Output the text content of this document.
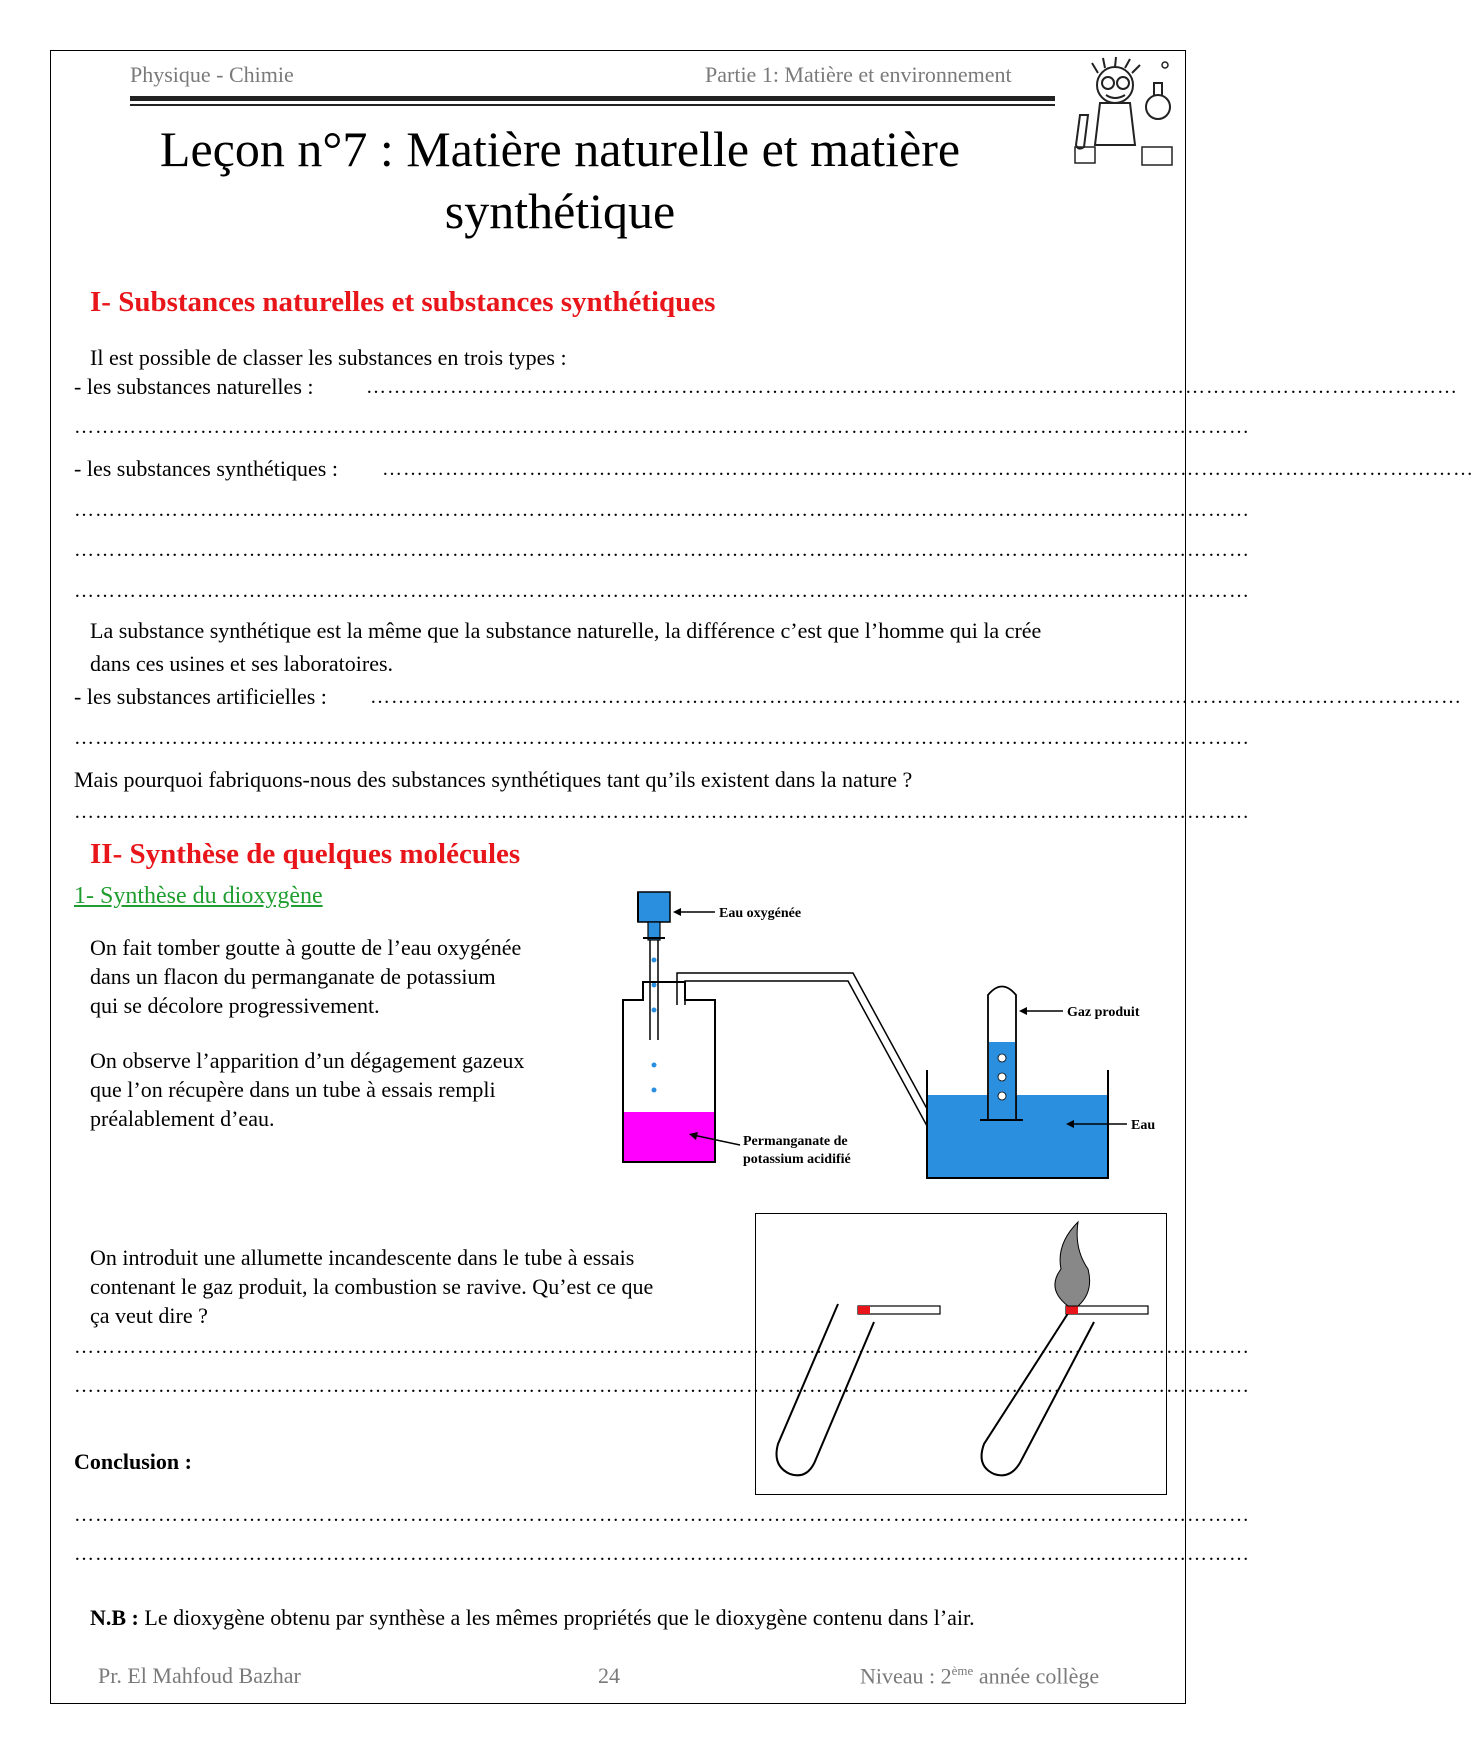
Physique - Chimie	Partie 1: Matière et environnement
Leçon n°7 : Matière naturelle et matière
synthétique
I- Substances naturelles et substances synthétiques
Il est possible de classer les substances en trois types :
- les substances naturelles :	…………………………………………………………………………………………………………………………………………
……………………………………………………………………………………………………………………………………………………
- les substances synthétiques : …………………………………………………………………………………………………………………………………………
……………………………………………………………………………………………………………………………………………………
……………………………………………………………………………………………………………………………………………………
……………………………………………………………………………………………………………………………………………………
La substance synthétique est la même que la substance naturelle, la différence c’est que l’homme qui la crée
dans ces usines et ses laboratoires.
- les substances artificielles : …………………………………………………………………………………………………………………………………………
……………………………………………………………………………………………………………………………………………………
Mais pourquoi fabriquons-nous des substances synthétiques tant qu’ils existent dans la nature ?
……………………………………………………………………………………………………………………………………………………
II- Synthèse de quelques molécules
1- Synthèse du dioxygène
On fait tomber goutte à goutte de l’eau oxygénée
dans un flacon du permanganate de potassium
qui se décolore progressivement.
On observe l’apparition d’un dégagement gazeux
que l’on récupère dans un tube à essais rempli
préalablement d’eau.
Eau oxygénée
Permanganate de
potassium acidifié
Gaz produit
Eau
On introduit une allumette incandescente dans le tube à essais
contenant le gaz produit, la combustion se ravive. Qu’est ce que
ça veut dire ?
……………………………………………………………………………………………………………………………………………………
……………………………………………………………………………………………………………………………………………………
Conclusion :
……………………………………………………………………………………………………………………………………………………
……………………………………………………………………………………………………………………………………………………
N.B : Le dioxygène obtenu par synthèse a les mêmes propriétés que le dioxygène contenu dans l’air.
Pr. El Mahfoud Bazhar	24	Niveau : 2ème année collège
